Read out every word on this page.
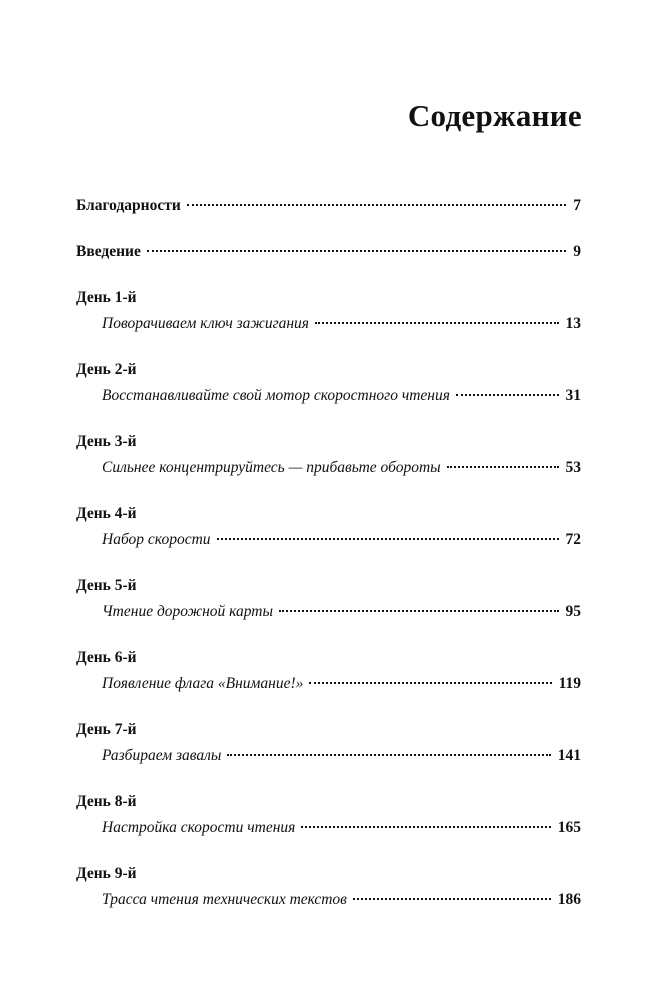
Содержание
Благодарности	7
Введение	9
День 1-й
Поворачиваем ключ зажигания	13
День 2-й
Восстанавливайте свой мотор скоростного чтения	31
День 3-й
Сильнее концентрируйтесь — прибавьте обороты	53
День 4-й
Набор скорости	72
День 5-й
Чтение дорожной карты	95
День 6-й
Появление флага «Внимание!»	119
День 7-й
Разбираем завалы	141
День 8-й
Настройка скорости чтения	165
День 9-й
Трасса чтения технических текстов	186
